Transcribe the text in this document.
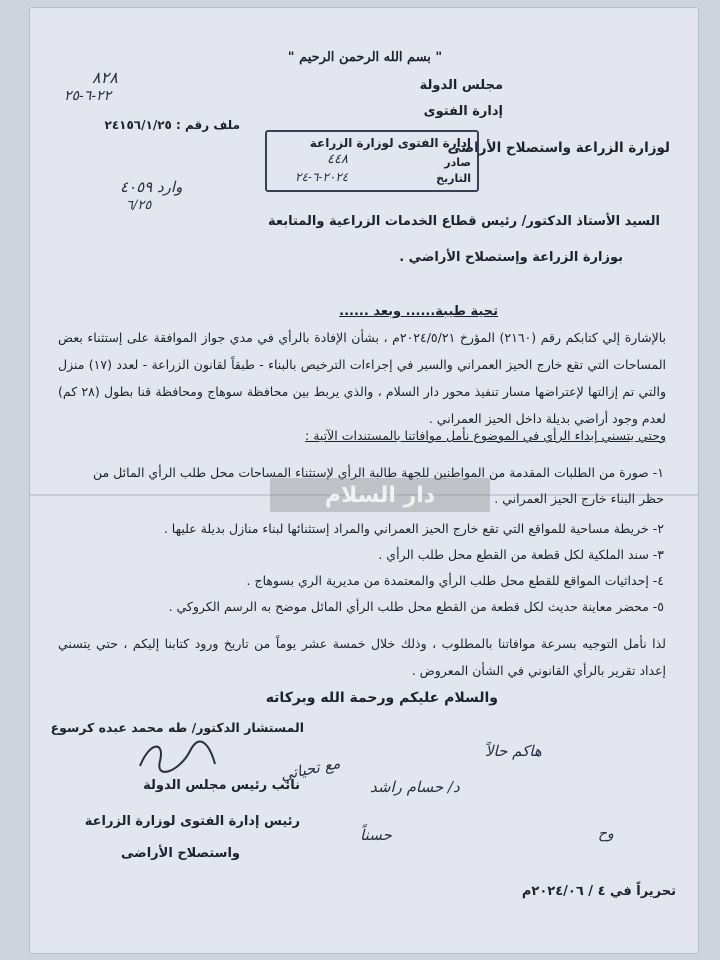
" بسم الله الرحمن الرحيم "
مجلس الدولة
إدارة الفتوى
لوزارة الزراعة واستصلاح الأراضى
ملف رقم : ٢٤١٥٦/١/٢٥
٨٢٨
٢٢-٦-٢٥
وارد ٤٠٥٩
٦/٢٥
إدارة الفتوى لوزارة الزراعة
صادر
التاريخ
٤٤٨
٢٠٢٤-٦-٢٤
السيد الأستاذ الدكتور/ رئيس قطاع الخدمات الزراعية والمتابعة
بوزارة الزراعة وإستصلاح الأراضي .
تحية طيبة...... وبعد ......
بالإشارة إلي كتابكم رقم (٢١٦٠) المؤرخ ٢٠٢٤/٥/٢١م ، بشأن الإفادة بالرأي في مدي جواز الموافقة على إستثناء بعض المساحات التي تقع خارج الحيز العمراني والسير في إجراءات الترخيص بالبناء - طبقاً لقانون الزراعة - لعدد (١٧) منزل والتي تم إزالتها لإعتراضها مسار تنفيذ محور دار السلام ، والذي يربط بين محافظة سوهاج ومحافظة قنا بطول (٢٨ كم) لعدم وجود أراضي بديلة داخل الحيز العمراني .
وحتي يتسني إبداء الرأي في الموضوع نأمل موافاتنا بالمستندات الآتية :
١- صورة من الطلبات المقدمة من المواطنين للجهة طالبة الرأي لإستثناء المساحات محل طلب الرأي المائل من حظر البناء خارج الحيز العمراني .
٢- خريطة مساحية للمواقع التي تقع خارج الحيز العمراني والمراد إستثنائها لبناء منازل بديلة عليها .
٣- سند الملكية لكل قطعة من القطع محل طلب الرأي .
٤- إحداثيات المواقع للقطع محل طلب الرأي والمعتمدة من مديرية الري بسوهاج .
٥- محضر معاينة حديث لكل قطعة من القطع محل طلب الرأي المائل موضح به الرسم الكروكي .
دار السلام
لذا نأمل التوجيه بسرعة موافاتنا بالمطلوب ، وذلك خلال خمسة عشر يوماً من تاريخ ورود كتابنا إليكم ، حتي يتسني إعداد تقرير بالرأي القانوني في الشأن المعروض .
والسلام عليكم ورحمة الله وبركاته
المستشار الدكتور/ طه محمد عبده كرسوع
نائب رئيس مجلس الدولة
رئيس إدارة الفتوى لوزارة الزراعة
واستصلاح الأراضى
مع تحياتي
هاكم حالاً
د/ حسام راشد
حسناً	وح
تحريراً في ٤ / ٢٠٢٤/٠٦م
